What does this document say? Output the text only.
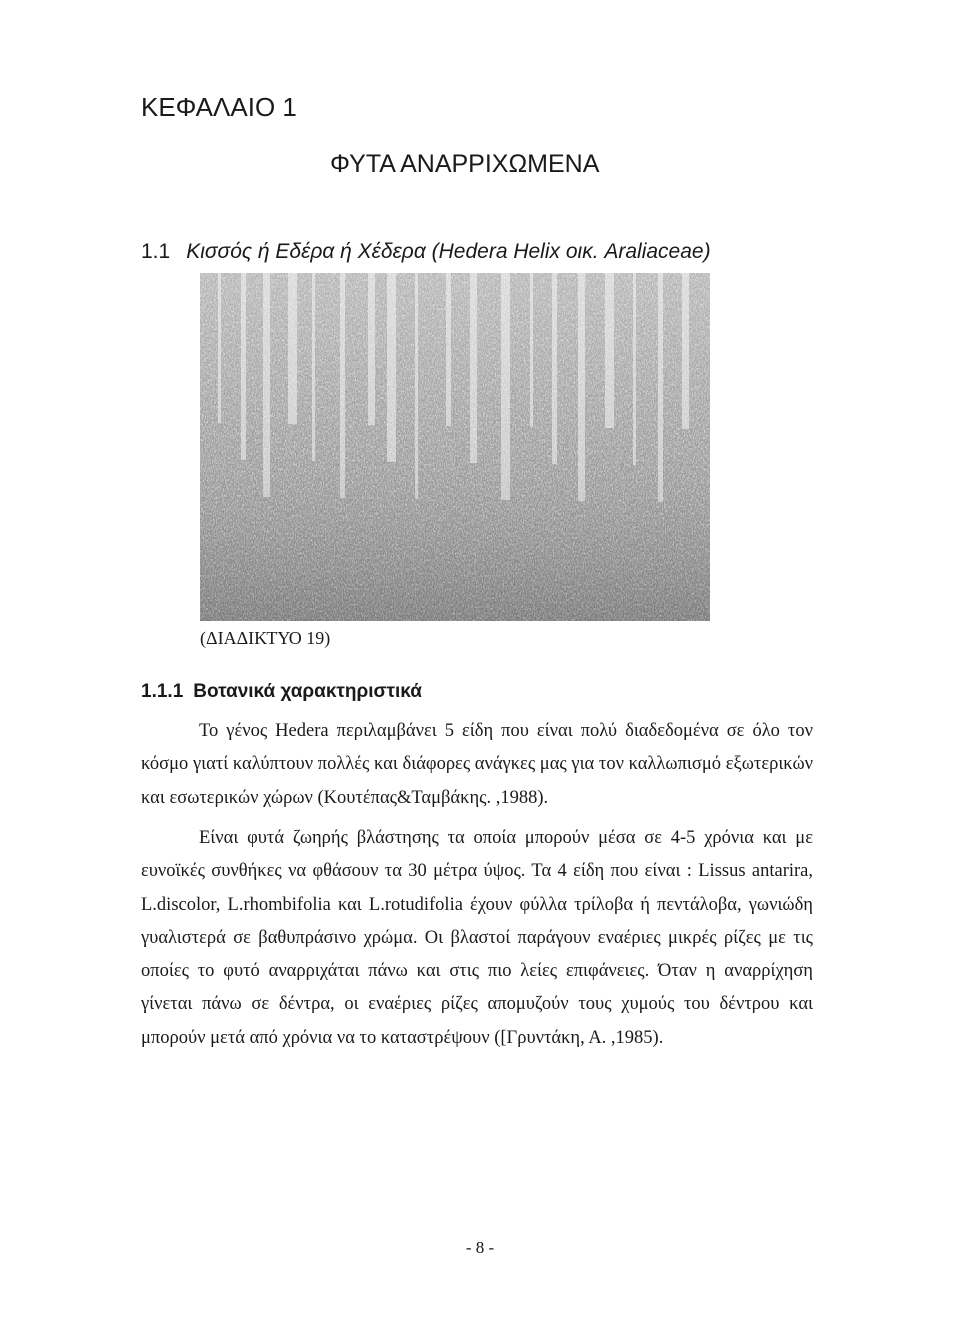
ΚΕΦΑΛΑΙΟ 1
ΦΥΤΑ ΑΝΑΡΡΙΧΩΜΕΝΑ
1.1 Κισσός ή Εδέρα ή Χέδερα (Hedera Helix οικ. Araliaceae)
(ΔΙΑΔΙΚΤΥΟ 19)
1.1.1 Βοτανικά χαρακτηριστικά

Το γένος Hedera περιλαμβάνει 5 είδη που είναι πολύ διαδεδομένα σε όλο τον κόσμο γιατί καλύπτουν πολλές και διάφορες ανάγκες μας για τον καλλωπισμό εξωτερικών και εσωτερικών χώρων (Κουτέπας&Ταμβάκης. ,1988).

Είναι φυτά ζωηρής βλάστησης τα οποία μπορούν μέσα σε 4-5 χρόνια και με ευνοϊκές συνθήκες να φθάσουν τα 30 μέτρα ύψος. Τα 4 είδη που είναι : Lissus antarira, L.discolor, L.rhombifolia και L.rotudifolia έχουν φύλλα τρίλοβα ή πεντάλοβα, γωνιώδη γυαλιστερά σε βαθυπράσινο χρώμα. Οι βλαστοί παράγουν εναέριες μικρές ρίζες με τις οποίες το φυτό αναρριχάται πάνω και στις πιο λείες επιφάνειες. Όταν η αναρρίχηση γίνεται πάνω σε δέντρα, οι εναέριες ρίζες απομυζούν τους χυμούς του δέντρου και μπορούν μετά από χρόνια να το καταστρέψουν ([Γρυντάκη, Α. ,1985).

- 8 -
